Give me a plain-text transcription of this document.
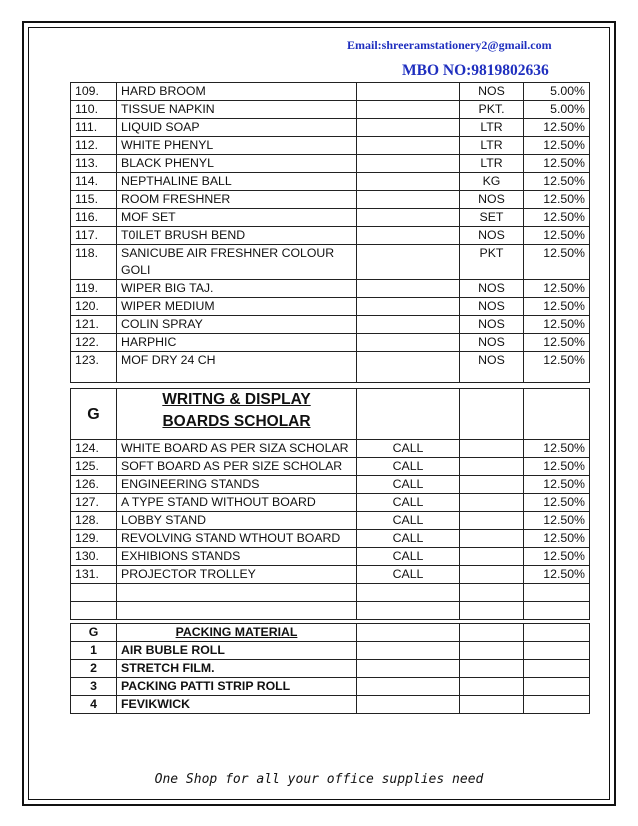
Email:shreeramstationery2@gmail.com
MBO NO:9819802636
109.	HARD BROOM		NOS	5.00%
110.	TISSUE NAPKIN		PKT.	5.00%
111.	LIQUID SOAP		LTR	12.50%
112.	WHITE PHENYL		LTR	12.50%
113.	BLACK PHENYL		LTR	12.50%
114.	NEPTHALINE BALL		KG	12.50%
115.	ROOM FRESHNER		NOS	12.50%
116.	MOF SET		SET	12.50%
117.	T0ILET BRUSH BEND		NOS	12.50%
118.	SANICUBE AIR FRESHNER COLOUR GOLI		PKT	12.50%
119.	WIPER BIG TAJ.		NOS	12.50%
120.	WIPER MEDIUM		NOS	12.50%
121.	COLIN SPRAY		NOS	12.50%
122.	HARPHIC		NOS	12.50%
123.	MOF DRY 24 CH		NOS	12.50%
G	WRITNG & DISPLAY
BOARDS SCHOLAR			
124.	WHITE BOARD AS PER SIZA SCHOLAR	CALL		12.50%
125.	SOFT BOARD AS PER SIZE SCHOLAR	CALL		12.50%
126.	ENGINEERING STANDS	CALL		12.50%
127.	A TYPE STAND WITHOUT BOARD	CALL		12.50%
128.	LOBBY STAND	CALL		12.50%
129.	REVOLVING STAND WTHOUT BOARD	CALL		12.50%
130.	EXHIBIONS STANDS	CALL		12.50%
131.	PROJECTOR TROLLEY	CALL		12.50%

G	PACKING MATERIAL			
1	AIR BUBLE ROLL			
2	STRETCH FILM.			
3	PACKING PATTI STRIP ROLL			
4	FEVIKWICK			
One Shop for all your office supplies need
